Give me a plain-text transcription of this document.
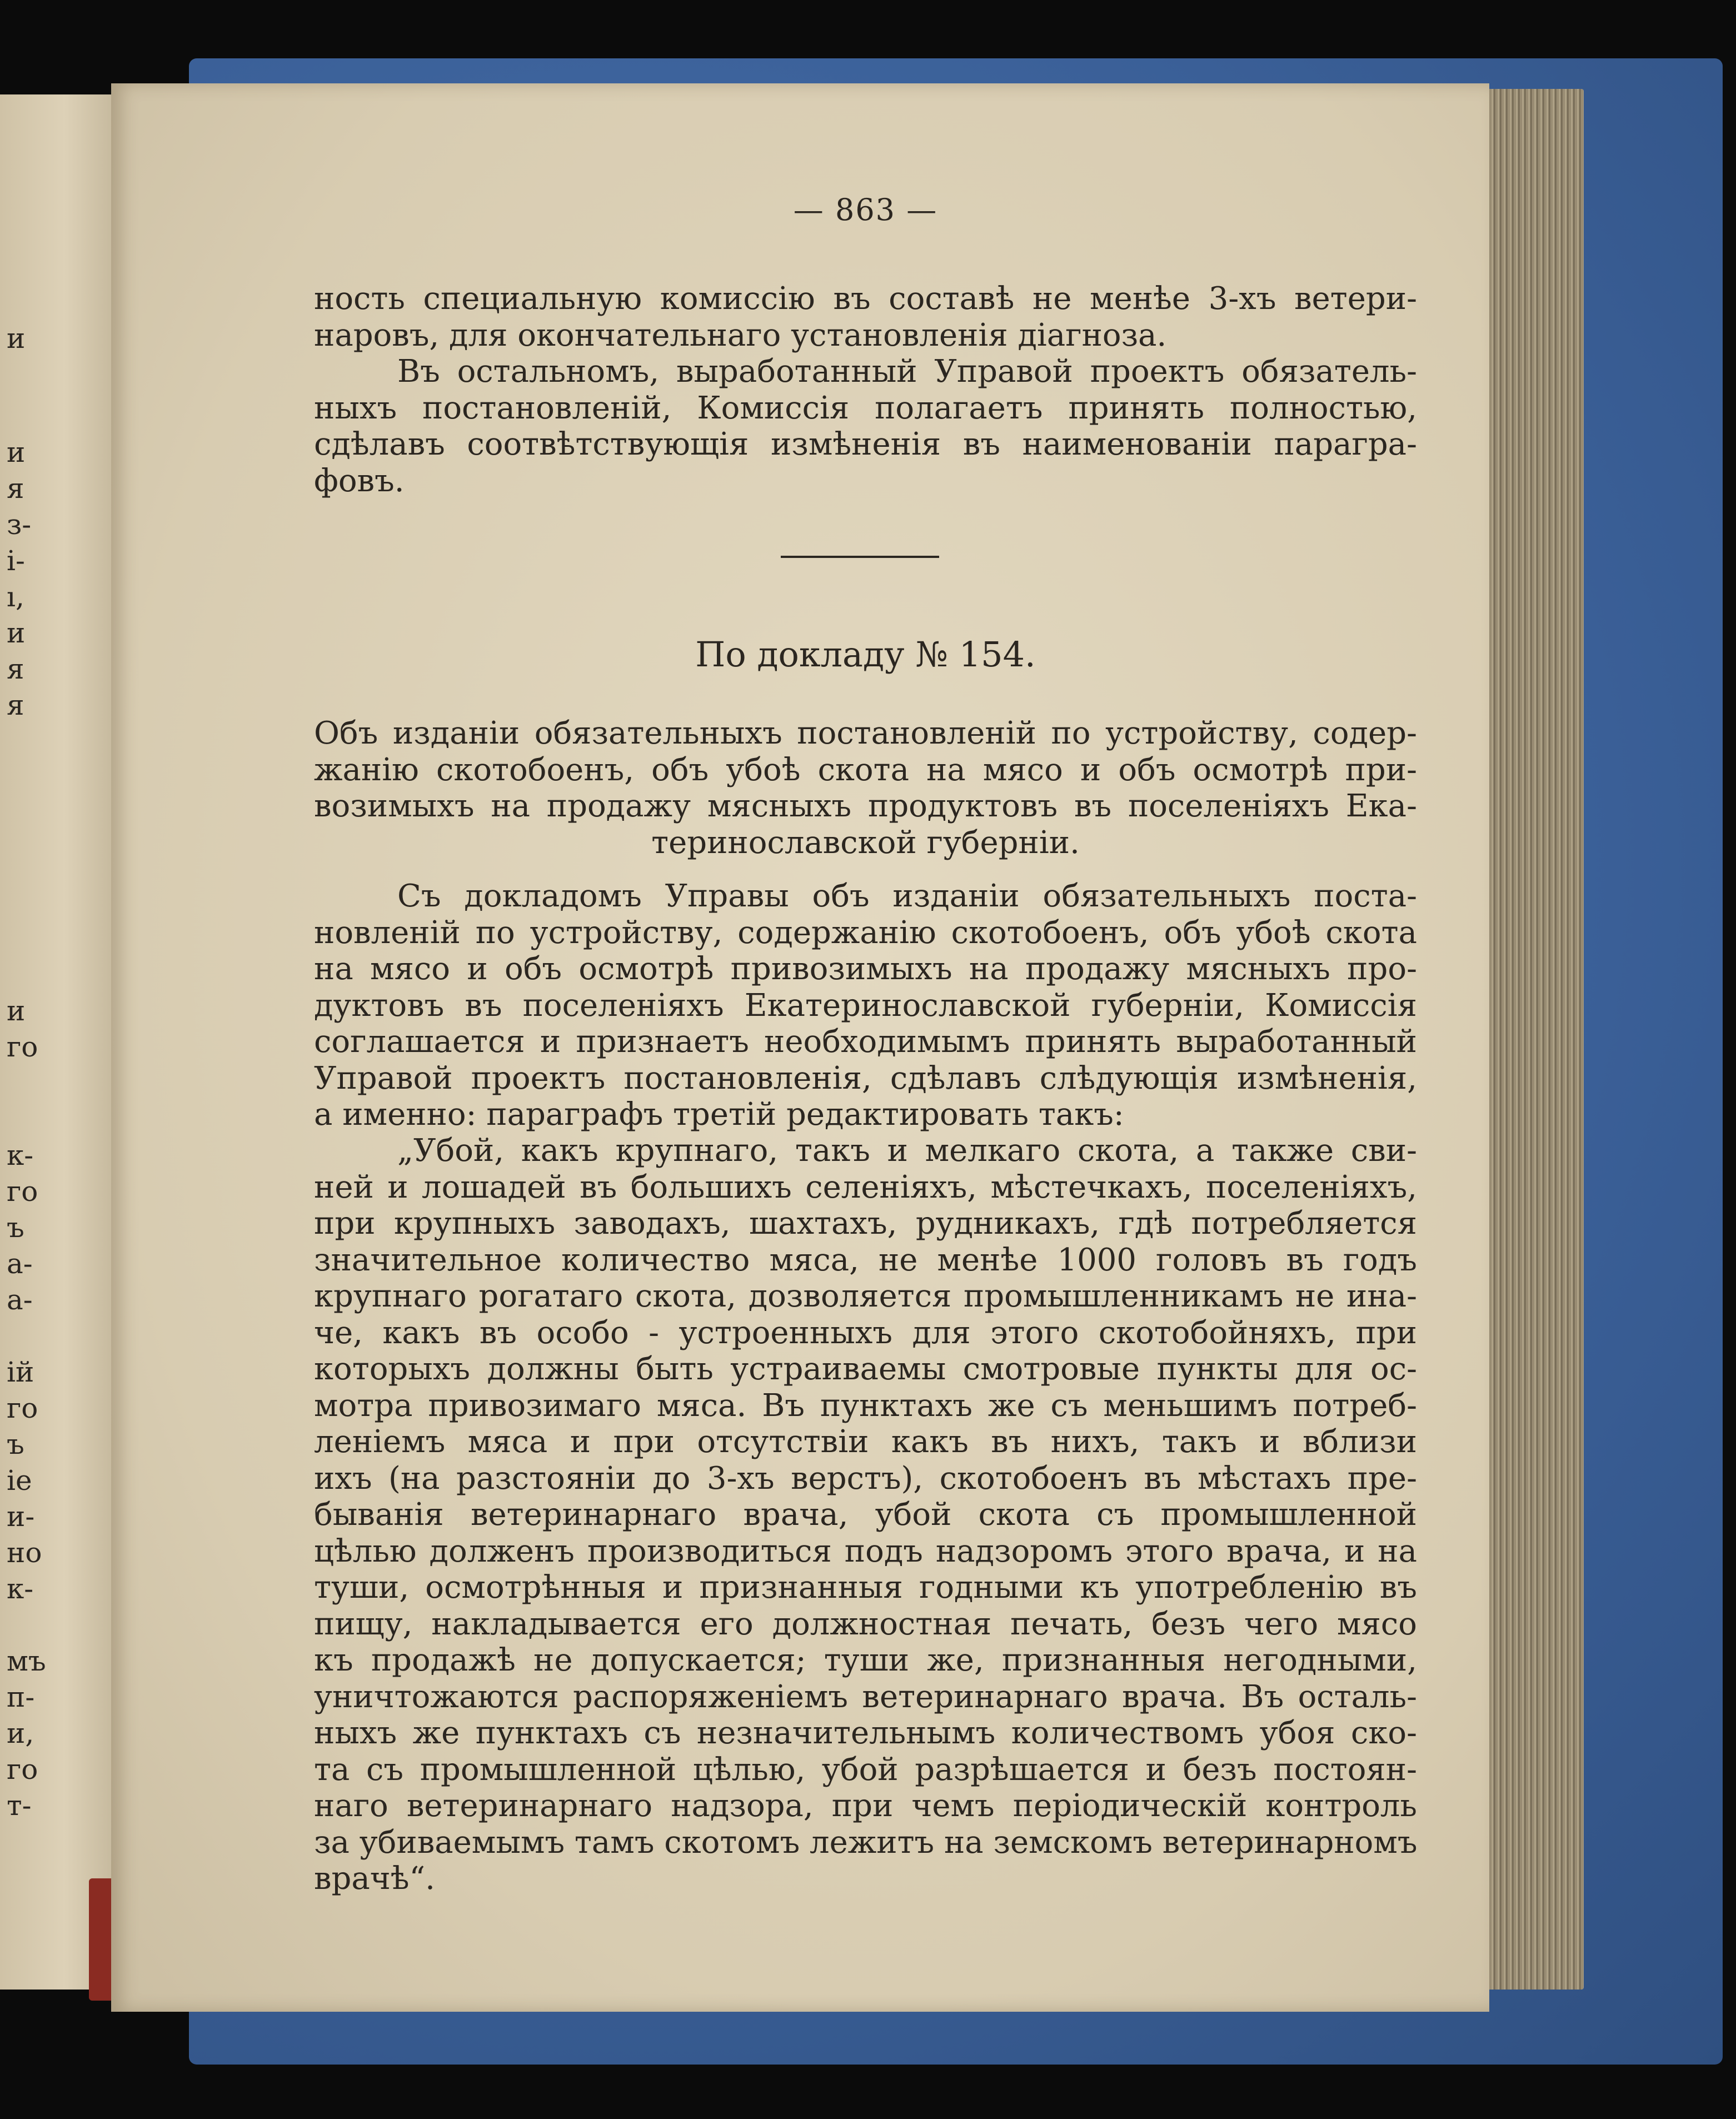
и
и
я
з-
і-
ı,
и
я
я
и
го
к-
го
ъ
а-
а-
ій
го
ъ
іе
и-
но
к-
мъ
п-
и,
го
т-
— 863 —
ность специальную комиссію въ составѣ не менѣе 3-хъ ветери-
наровъ, для окончательнаго установленія діагноза.
Въ остальномъ, выработанный Управой проектъ обязатель-
ныхъ постановленій, Комиссія полагаетъ принять полностью,
сдѣлавъ соотвѣтствующія измѣненія въ наименованіи парагра-
фовъ.
По докладу № 154.
Объ изданіи обязательныхъ постановленій по устройству, содер-
жанію скотобоенъ, объ убоѣ скота на мясо и объ осмотрѣ при-
возимыхъ на продажу мясныхъ продуктовъ въ поселеніяхъ Ека-
теринославской губерніи.
Съ докладомъ Управы объ изданіи обязательныхъ поста-
новленій по устройству, содержанію скотобоенъ, объ убоѣ скота
на мясо и объ осмотрѣ привозимыхъ на продажу мясныхъ про-
дуктовъ въ поселеніяхъ Екатеринославской губерніи, Комиссія
соглашается и признаетъ необходимымъ принять выработанный
Управой проектъ постановленія, сдѣлавъ слѣдующія измѣненія,
а именно: параграфъ третій редактировать такъ:
„Убой, какъ крупнаго, такъ и мелкаго скота, а также сви-
ней и лошадей въ большихъ селеніяхъ, мѣстечкахъ, поселеніяхъ,
при крупныхъ заводахъ, шахтахъ, рудникахъ, гдѣ потребляется
значительное количество мяса, не менѣе 1000 головъ въ годъ
крупнаго рогатаго скота, дозволяется промышленникамъ не ина-
че, какъ въ особо - устроенныхъ для этого скотобойняхъ, при
которыхъ должны быть устраиваемы смотровые пункты для ос-
мотра привозимаго мяса. Въ пунктахъ же съ меньшимъ потреб-
леніемъ мяса и при отсутствіи какъ въ нихъ, такъ и вблизи
ихъ (на разстояніи до 3-хъ верстъ), скотобоенъ въ мѣстахъ пре-
быванія ветеринарнаго врача, убой скота съ промышленной
цѣлью долженъ производиться подъ надзоромъ этого врача, и на
туши, осмотрѣнныя и признанныя годными къ употребленію въ
пищу, накладывается его должностная печать, безъ чего мясо
къ продажѣ не допускается; туши же, признанныя негодными,
уничтожаются распоряженіемъ ветеринарнаго врача. Въ осталь-
ныхъ же пунктахъ съ незначительнымъ количествомъ убоя ско-
та съ промышленной цѣлью, убой разрѣшается и безъ постоян-
наго ветеринарнаго надзора, при чемъ періодическій контроль
за убиваемымъ тамъ скотомъ лежитъ на земскомъ ветеринарномъ
врачѣ“.
